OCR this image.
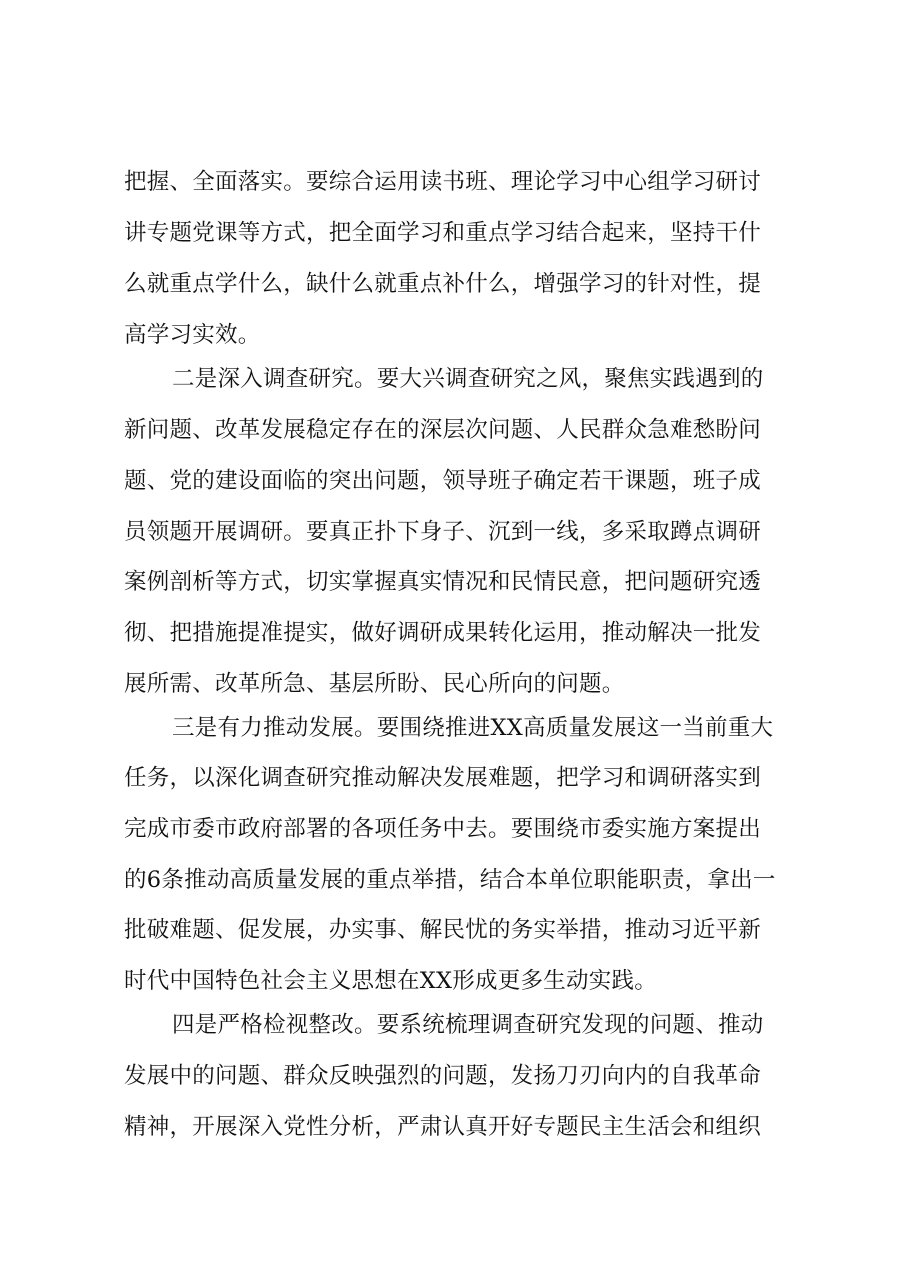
把握、全面落实。要综合运用读书班、理论学习中心组学习研讨
讲专题党课等方式，把全面学习和重点学习结合起来，坚持干什
么就重点学什么，缺什么就重点补什么，增强学习的针对性，提
高学习实效。
二是深入调查研究。要大兴调查研究之风，聚焦实践遇到的
新问题、改革发展稳定存在的深层次问题、人民群众急难愁盼问
题、党的建设面临的突出问题，领导班子确定若干课题，班子成
员领题开展调研。要真正扑下身子、沉到一线，多采取蹲点调研
案例剖析等方式，切实掌握真实情况和民情民意，把问题研究透
彻、把措施提准提实，做好调研成果转化运用，推动解决一批发
展所需、改革所急、基层所盼、民心所向的问题。
三是有力推动发展。要围绕推进XX高质量发展这一当前重大
任务，以深化调查研究推动解决发展难题，把学习和调研落实到
完成市委市政府部署的各项任务中去。要围绕市委实施方案提出
的6条推动高质量发展的重点举措，结合本单位职能职责，拿出一
批破难题、促发展，办实事、解民忧的务实举措，推动习近平新
时代中国特色社会主义思想在XX形成更多生动实践。
四是严格检视整改。要系统梳理调查研究发现的问题、推动
发展中的问题、群众反映强烈的问题，发扬刀刃向内的自我革命
精神，开展深入党性分析，严肃认真开好专题民主生活会和组织
